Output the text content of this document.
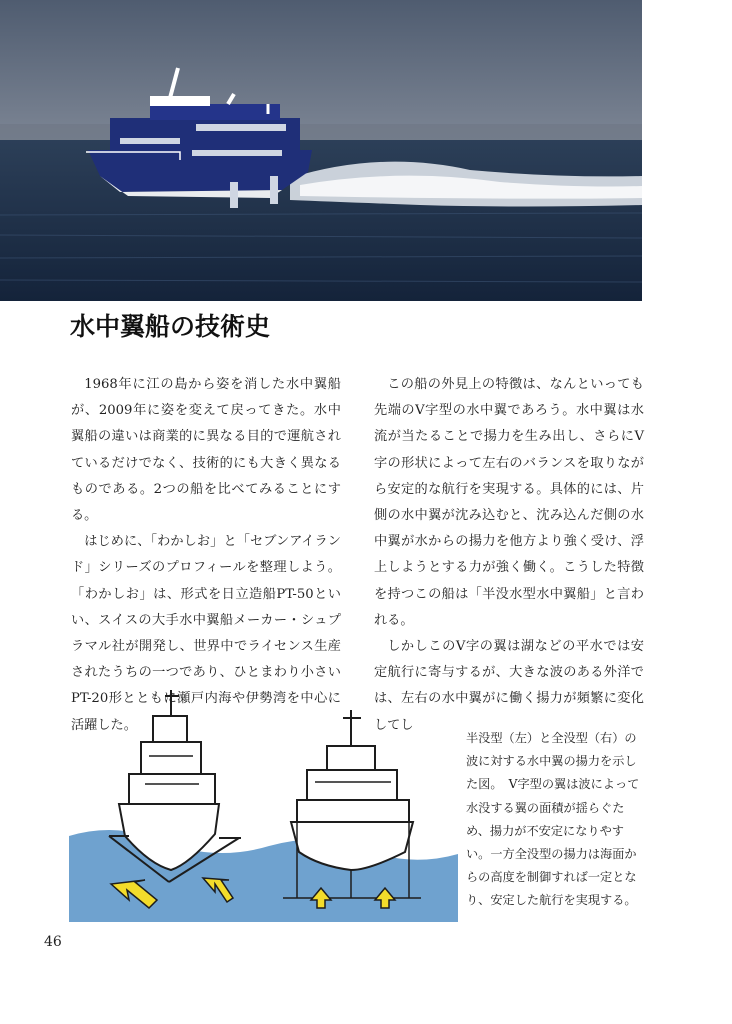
水中翼船の技術史

1968年に江の島から姿を消した水中翼船が、2009年に姿を変えて戻ってきた。水中翼船の違いは商業的に異なる目的で運航されているだけでなく、技術的にも大きく異なるものである。2つの船を比べてみることにする。

はじめに、「わかしお」と「セブンアイランド」シリーズのプロフィールを整理しよう。「わかしお」は、形式を日立造船PT-50といい、スイスの大手水中翼船メーカー・シュプラマル社が開発し、世界中でライセンス生産されたうちの一つであり、ひとまわり小さいPT-20形とともに瀬戸内海や伊勢湾を中心に活躍した。

この船の外見上の特徴は、なんといっても先端のV字型の水中翼であろう。水中翼は水流が当たることで揚力を生み出し、さらにV字の形状によって左右のバランスを取りながら安定的な航行を実現する。具体的には、片側の水中翼が沈み込むと、沈み込んだ側の水中翼が水からの揚力を他方より強く受け、浮上しようとする力が強く働く。こうした特徴を持つこの船は「半没水型水中翼船」と言われる。

しかしこのV字の翼は湖などの平水では安定航行に寄与するが、大きな波のある外洋では、左右の水中翼がに働く揚力が頻繁に変化してし

半没型（左）と全没型（右）の波に対する水中翼の揚力を示した図。　V字型の翼は波によって水没する翼の面積が揺らぐため、揚力が不安定になりやすい。一方全没型の揚力は海面からの高度を制御すれば一定となり、安定した航行を実現する。
46
